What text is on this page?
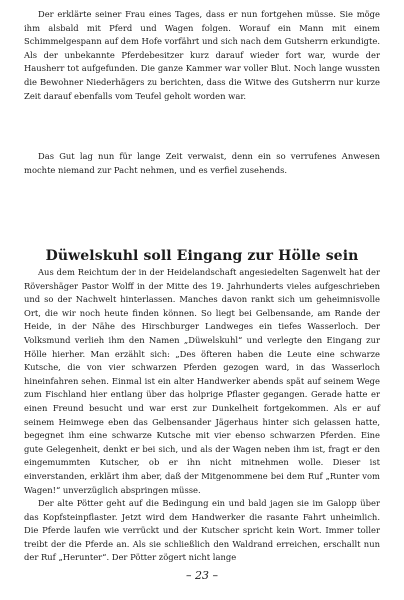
Der erklärte seiner Frau eines Tages, dass er nun fortgehen müsse. Sie möge ihm alsbald mit Pferd und Wagen folgen. Worauf ein Mann mit einem Schimmelgespann auf dem Hofe vorfährt und sich nach dem Gutsherrn erkundigte. Als der unbekannte Pferdebesitzer kurz darauf wieder fort war, wurde der Hausherr tot aufgefunden. Die ganze Kammer war voller Blut. Noch lange wussten die Bewohner Niederhägers zu berichten, dass die Witwe des Gutsherrn nur kurze Zeit darauf ebenfalls vom Teufel geholt worden war.

Das Gut lag nun für lange Zeit verwaist, denn ein so verrufenes Anwesen mochte niemand zur Pacht nehmen, und es verfiel zusehends.

Düwelskuhl soll Eingang zur Hölle sein

Aus dem Reichtum der in der Heidelandschaft angesiedelten Sagenwelt hat der Rövershäger Pastor Wolff in der Mitte des 19. Jahrhunderts vieles aufgeschrieben und so der Nachwelt hinterlassen. Manches davon rankt sich um geheimnisvolle Ort, die wir noch heute finden können. So liegt bei Gelbensande, am Rande der Heide, in der Nähe des Hirschburger Landweges ein tiefes Wasserloch. Der Volksmund verlieh ihm den Namen „Düwelskuhl“ und verlegte den Eingang zur Hölle hierher. Man erzählt sich: „Des öfteren haben die Leute eine schwarze Kutsche, die von vier schwarzen Pferden gezogen ward, in das Wasserloch hineinfahren sehen. Einmal ist ein alter Handwerker abends spät auf seinem Wege zum Fischland hier entlang über das holprige Pflaster gegangen. Gerade hatte er einen Freund besucht und war erst zur Dunkelheit fortgekommen. Als er auf seinem Heimwege eben das Gelbensander Jägerhaus hinter sich gelassen hatte, begegnet ihm eine schwarze Kutsche mit vier ebenso schwarzen Pferden. Eine gute Gelegenheit, denkt er bei sich, und als der Wagen neben ihm ist, fragt er den eingemummten Kutscher, ob er ihn nicht mitnehmen wolle. Dieser ist einverstanden, erklärt ihm aber, daß der Mitgenommene bei dem Ruf „Runter vom Wagen!“ unverzüglich abspringen müsse.

Der alte Pötter geht auf die Bedingung ein und bald jagen sie im Galopp über das Kopfsteinpflaster. Jetzt wird dem Handwerker die rasante Fahrt unheimlich. Die Pferde laufen wie verrückt und der Kutscher spricht kein Wort. Immer toller treibt der die Pferde an. Als sie schließlich den Waldrand erreichen, erschallt nun der Ruf „Herunter“. Der Pötter zögert nicht lange

– 23 –
